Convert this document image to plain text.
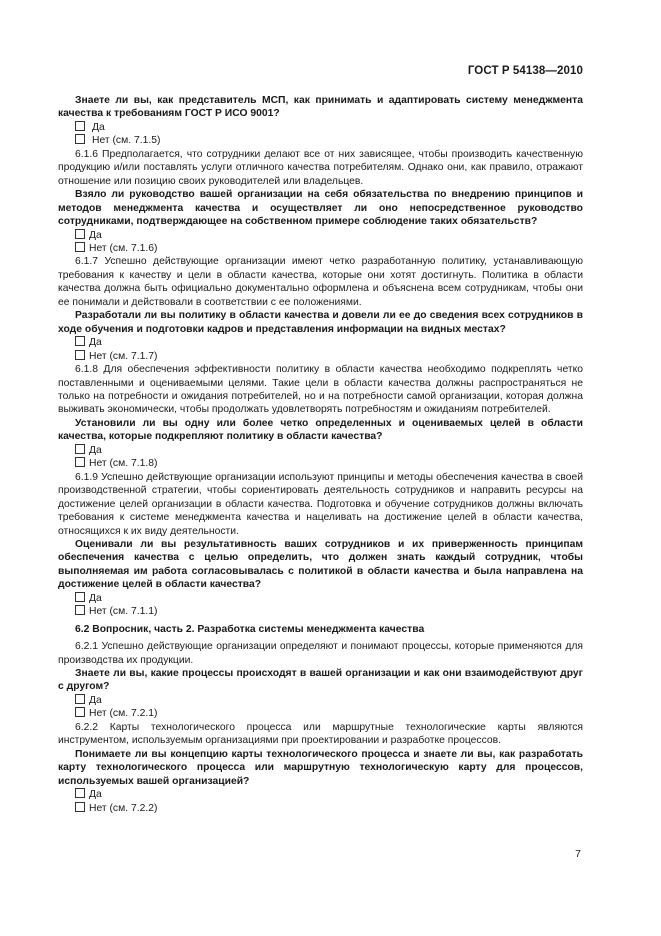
ГОСТ Р 54138—2010

Знаете ли вы, как представитель МСП, как принимать и адаптировать систему менеджмента качества к требованиям ГОСТ Р ИСО 9001?

Да
Нет (см. 7.1.5)

6.1.6 Предполагается, что сотрудники делают все от них зависящее, чтобы производить качественную продукцию и/или поставлять услуги отличного качества потребителям. Однако они, как правило, отражают отношение или позицию своих руководителей или владельцев.

Взяло ли руководство вашей организации на себя обязательства по внедрению принципов и методов менеджмента качества и осуществляет ли оно непосредственное руководство сотрудниками, подтверждающее на собственном примере соблюдение таких обязательств?

Да
Нет (см. 7.1.6)

6.1.7 Успешно действующие организации имеют четко разработанную политику, устанавливающую требования к качеству и цели в области качества, которые они хотят достигнуть. Политика в области качества должна быть официально документально оформлена и объяснена всем сотрудникам, чтобы они ее понимали и действовали в соответствии с ее положениями.

Разработали ли вы политику в области качества и довели ли ее до сведения всех сотрудников в ходе обучения и подготовки кадров и представления информации на видных местах?

Да
Нет (см. 7.1.7)

6.1.8 Для обеспечения эффективности политику в области качества необходимо подкреплять четко поставленными и оцениваемыми целями. Такие цели в области качества должны распространяться не только на потребности и ожидания потребителей, но и на потребности самой организации, которая должна выживать экономически, чтобы продолжать удовлетворять потребностям и ожиданиям потребителей.

Установили ли вы одну или более четко определенных и оцениваемых целей в области качества, которые подкрепляют политику в области качества?

Да
Нет (см. 7.1.8)

6.1.9 Успешно действующие организации используют принципы и методы обеспечения качества в своей производственной стратегии, чтобы сориентировать деятельность сотрудников и направить ресурсы на достижение целей организации в области качества. Подготовка и обучение сотрудников должны включать требования к системе менеджмента качества и нацеливать на достижение целей в области качества, относящихся к их виду деятельности.

Оценивали ли вы результативность ваших сотрудников и их приверженность принципам обеспечения качества с целью определить, что должен знать каждый сотрудник, чтобы выполняемая им работа согласовывалась с политикой в области качества и была направлена на достижение целей в области качества?

Да
Нет (см. 7.1.1)

6.2 Вопросник, часть 2. Разработка системы менеджмента качества

6.2.1 Успешно действующие организации определяют и понимают процессы, которые применяются для производства их продукции.

Знаете ли вы, какие процессы происходят в вашей организации и как они взаимодействуют друг с другом?

Да
Нет (см. 7.2.1)

6.2.2 Карты технологического процесса или маршрутные технологические карты являются инструментом, используемым организациями при проектировании и разработке процессов.

Понимаете ли вы концепцию карты технологического процесса и знаете ли вы, как разработать карту технологического процесса или маршрутную технологическую карту для процессов, используемых вашей организацией?

Да
Нет (см. 7.2.2)
7
